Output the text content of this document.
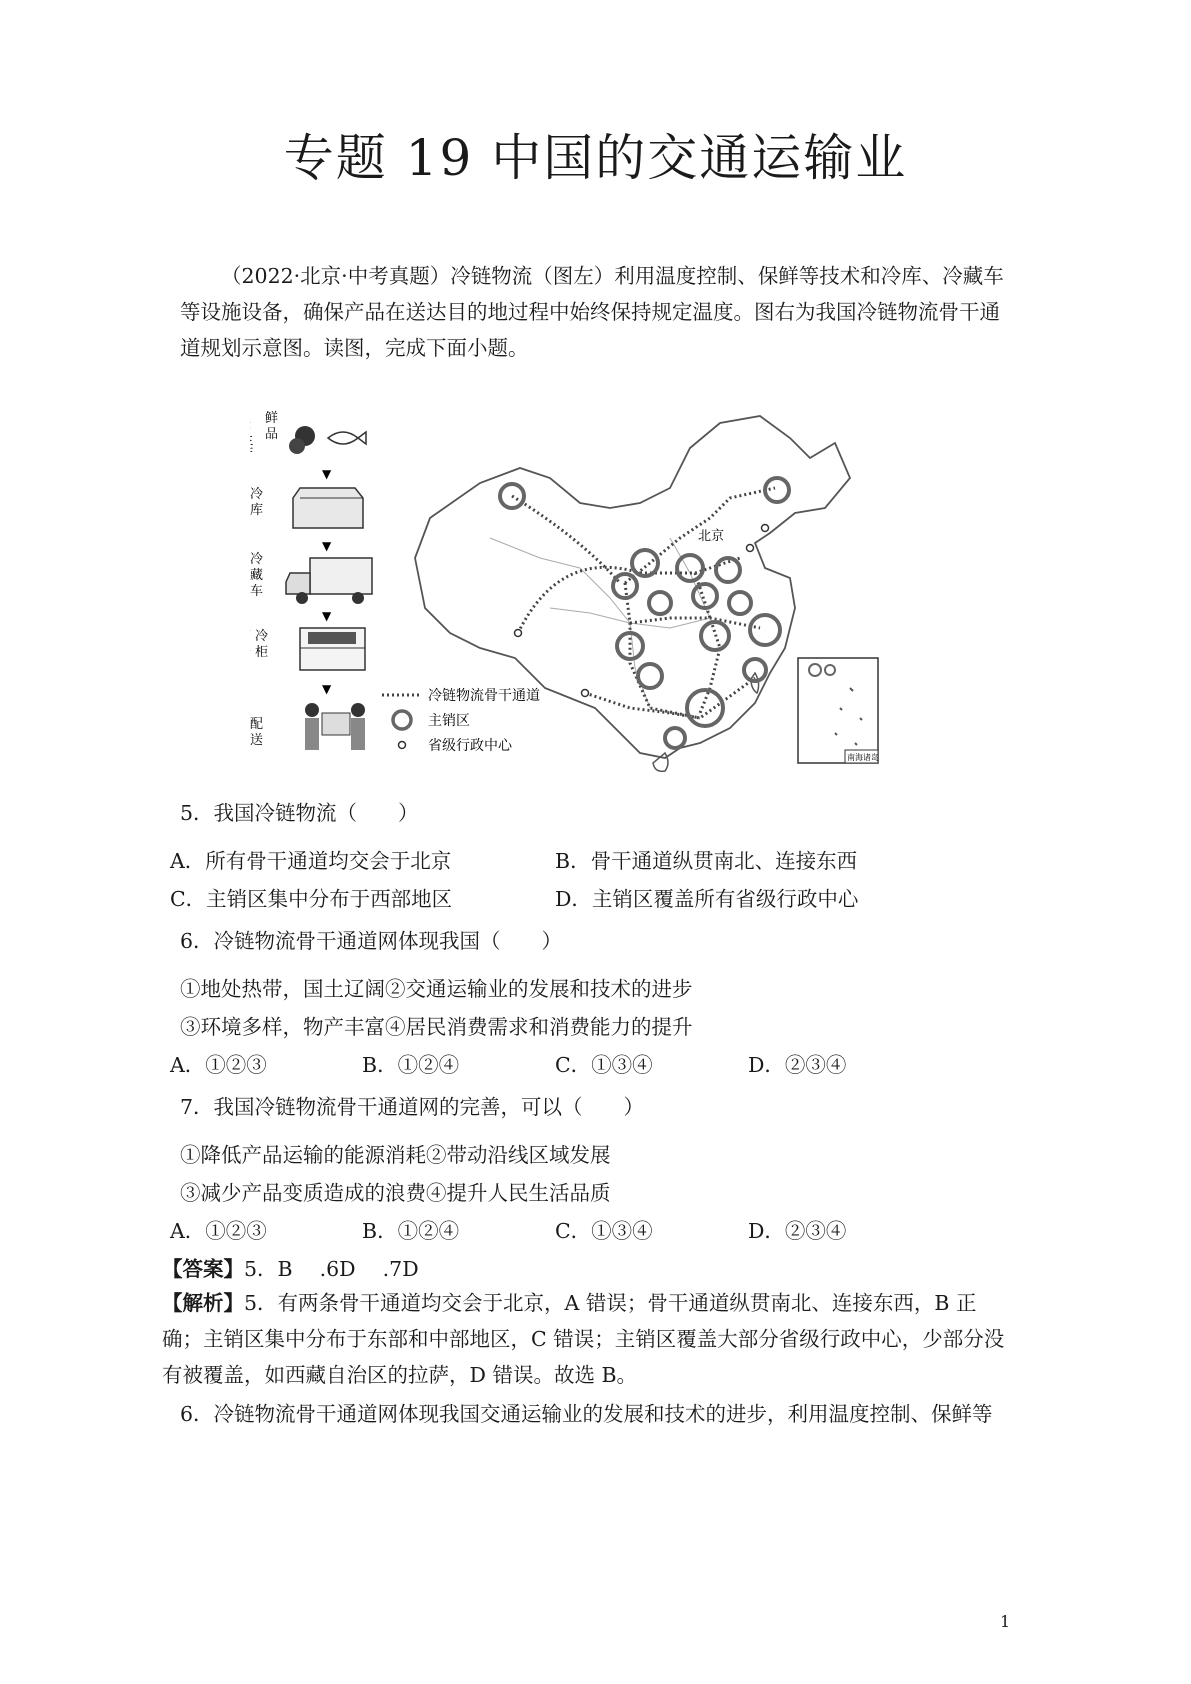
专题 19 中国的交通运输业
（2022·北京·中考真题）冷链物流（图左）利用温度控制、保鲜等技术和冷库、冷藏车等设施设备，确保产品在送达目的地过程中始终保持规定温度。图右为我国冷链物流骨干通道规划示意图。读图，完成下面小题。
生产
▼
▼
▼
▼
鲜
品
冷
库
冷
藏
车
冷
柜
配
送
北京
冷链物流骨干通道
主销区
省级行政中心
南海诸岛
5．我国冷链物流（　　）
A．所有骨干通道均交会于北京	B．骨干通道纵贯南北、连接东西
C．主销区集中分布于西部地区	D．主销区覆盖所有省级行政中心
6．冷链物流骨干通道网体现我国（　　）
①地处热带，国土辽阔②交通运输业的发展和技术的进步
③环境多样，物产丰富④居民消费需求和消费能力的提升
A．①②③	B．①②④	C．①③④	D．②③④
7．我国冷链物流骨干通道网的完善，可以（　　）
①降低产品运输的能源消耗②带动沿线区域发展
③减少产品变质造成的浪费④提升人民生活品质
A．①②③	B．①②④	C．①③④	D．②③④
【答案】5．B　 .6D　 .7D
【解析】5．有两条骨干通道均交会于北京，A 错误；骨干通道纵贯南北、连接东西，B 正确；主销区集中分布于东部和中部地区，C 错误；主销区覆盖大部分省级行政中心，少部分没有被覆盖，如西藏自治区的拉萨，D 错误。故选 B。
6．冷链物流骨干通道网体现我国交通运输业的发展和技术的进步，利用温度控制、保鲜等
1
